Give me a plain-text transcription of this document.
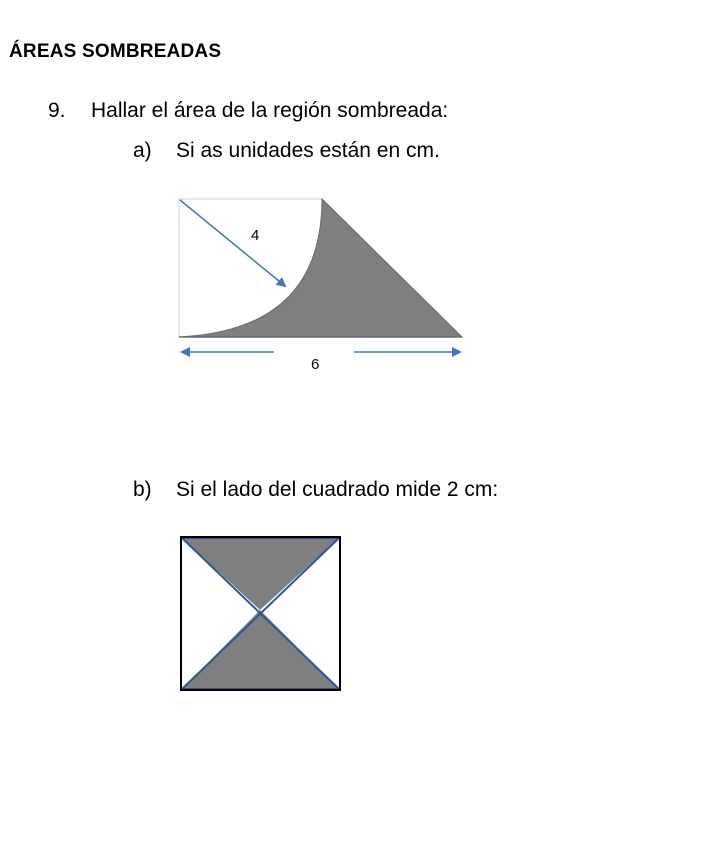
ÁREAS SOMBREADAS
9. Hallar el área de la región sombreada:
a) Si as unidades están en cm.
4
6
b) Si el lado del cuadrado mide 2 cm:
